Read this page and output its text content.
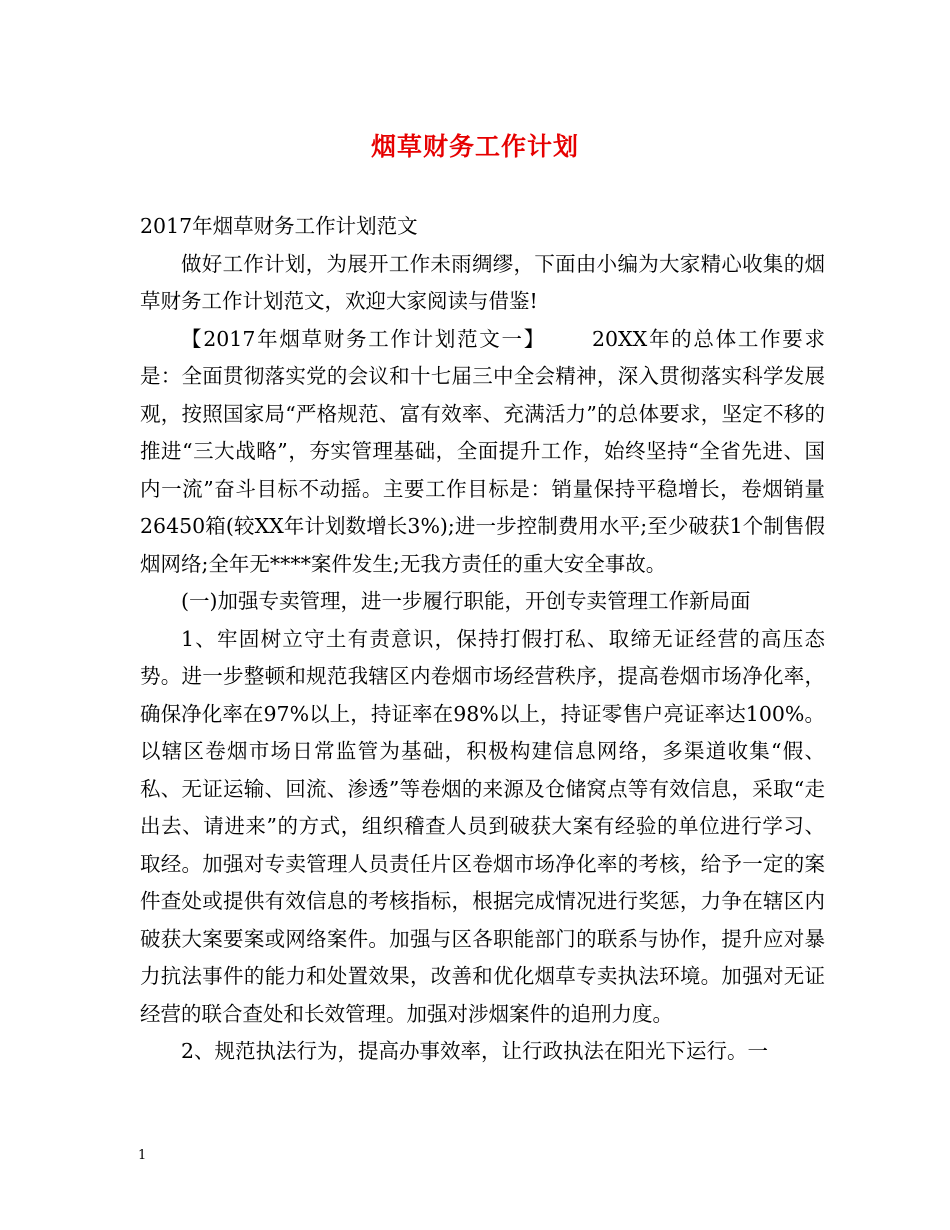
烟草财务工作计划

2017年烟草财务工作计划范文

做好工作计划，为展开工作未雨绸缪，下面由小编为大家精心收集的烟草财务工作计划范文，欢迎大家阅读与借鉴!

【2017年烟草财务工作计划范文一】 20XX年的总体工作要求是：全面贯彻落实党的会议和十七届三中全会精神，深入贯彻落实科学发展观，按照国家局“严格规范、富有效率、充满活力”的总体要求，坚定不移的推进“三大战略”，夯实管理基础，全面提升工作，始终坚持“全省先进、国内一流”奋斗目标不动摇。主要工作目标是：销量保持平稳增长，卷烟销量26450箱(较XX年计划数增长3%);进一步控制费用水平;至少破获1个制售假烟网络;全年无****案件发生;无我方责任的重大安全事故。

(一)加强专卖管理，进一步履行职能，开创专卖管理工作新局面

1、牢固树立守土有责意识，保持打假打私、取缔无证经营的高压态势。进一步整顿和规范我辖区内卷烟市场经营秩序，提高卷烟市场净化率，确保净化率在97%以上，持证率在98%以上，持证零售户亮证率达100%。以辖区卷烟市场日常监管为基础，积极构建信息网络，多渠道收集“假、私、无证运输、回流、渗透”等卷烟的来源及仓储窝点等有效信息，采取“走出去、请进来”的方式，组织稽查人员到破获大案有经验的单位进行学习、取经。加强对专卖管理人员责任片区卷烟市场净化率的考核，给予一定的案件查处或提供有效信息的考核指标，根据完成情况进行奖惩，力争在辖区内破获大案要案或网络案件。加强与区各职能部门的联系与协作，提升应对暴力抗法事件的能力和处置效果，改善和优化烟草专卖执法环境。加强对无证经营的联合查处和长效管理。加强对涉烟案件的追刑力度。

2、规范执法行为，提高办事效率，让行政执法在阳光下运行。一

1
